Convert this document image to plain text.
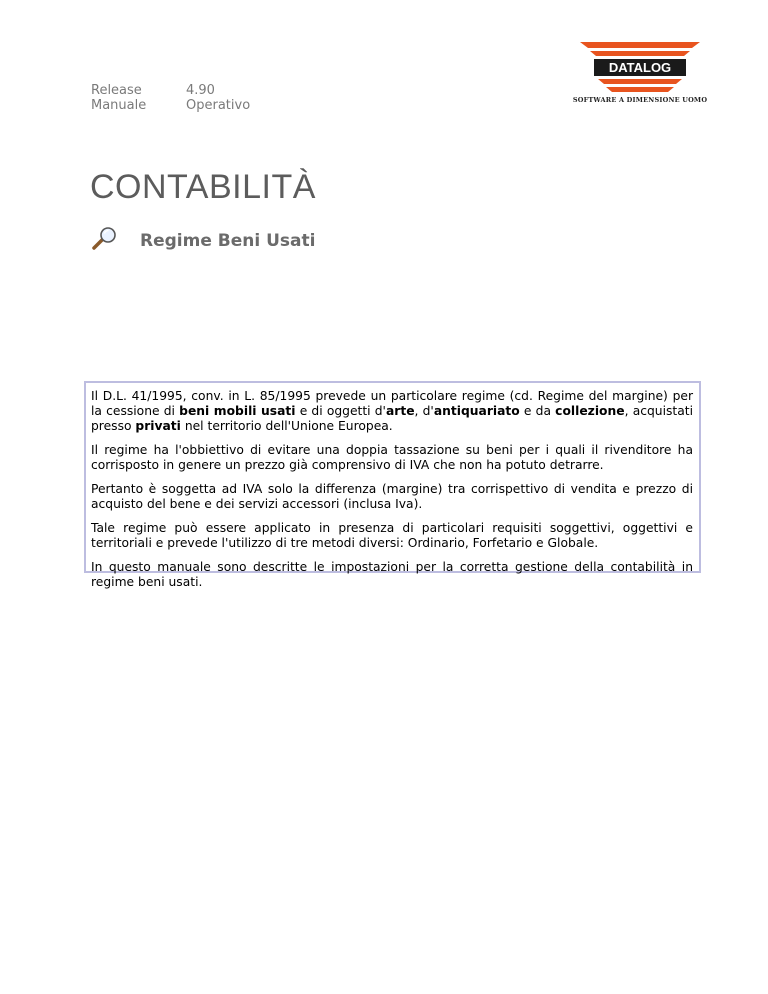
Release	4.90
Manuale	Operativo
DATALOG
SOFTWARE A DIMENSIONE UOMO
CONTABILITÀ
Regime Beni Usati

Il D.L. 41/1995, conv. in L. 85/1995 prevede un particolare regime (cd. Regime del margine) per la cessione di beni mobili usati e di oggetti d'arte, d'antiquariato e da collezione, acquistati presso privati nel territorio dell'Unione Europea.

Il regime ha l'obbiettivo di evitare una doppia tassazione su beni per i quali il rivenditore ha corrisposto in genere un prezzo già comprensivo di IVA che non ha potuto detrarre.

Pertanto è soggetta ad IVA solo la differenza (margine) tra corrispettivo di vendita e prezzo di acquisto del bene e dei servizi accessori (inclusa Iva).

Tale regime può essere applicato in presenza di particolari requisiti soggettivi, oggettivi e territoriali e prevede l'utilizzo di tre metodi diversi: Ordinario, Forfetario e Globale.

In questo manuale sono descritte le impostazioni per la corretta gestione della contabilità in regime beni usati.
